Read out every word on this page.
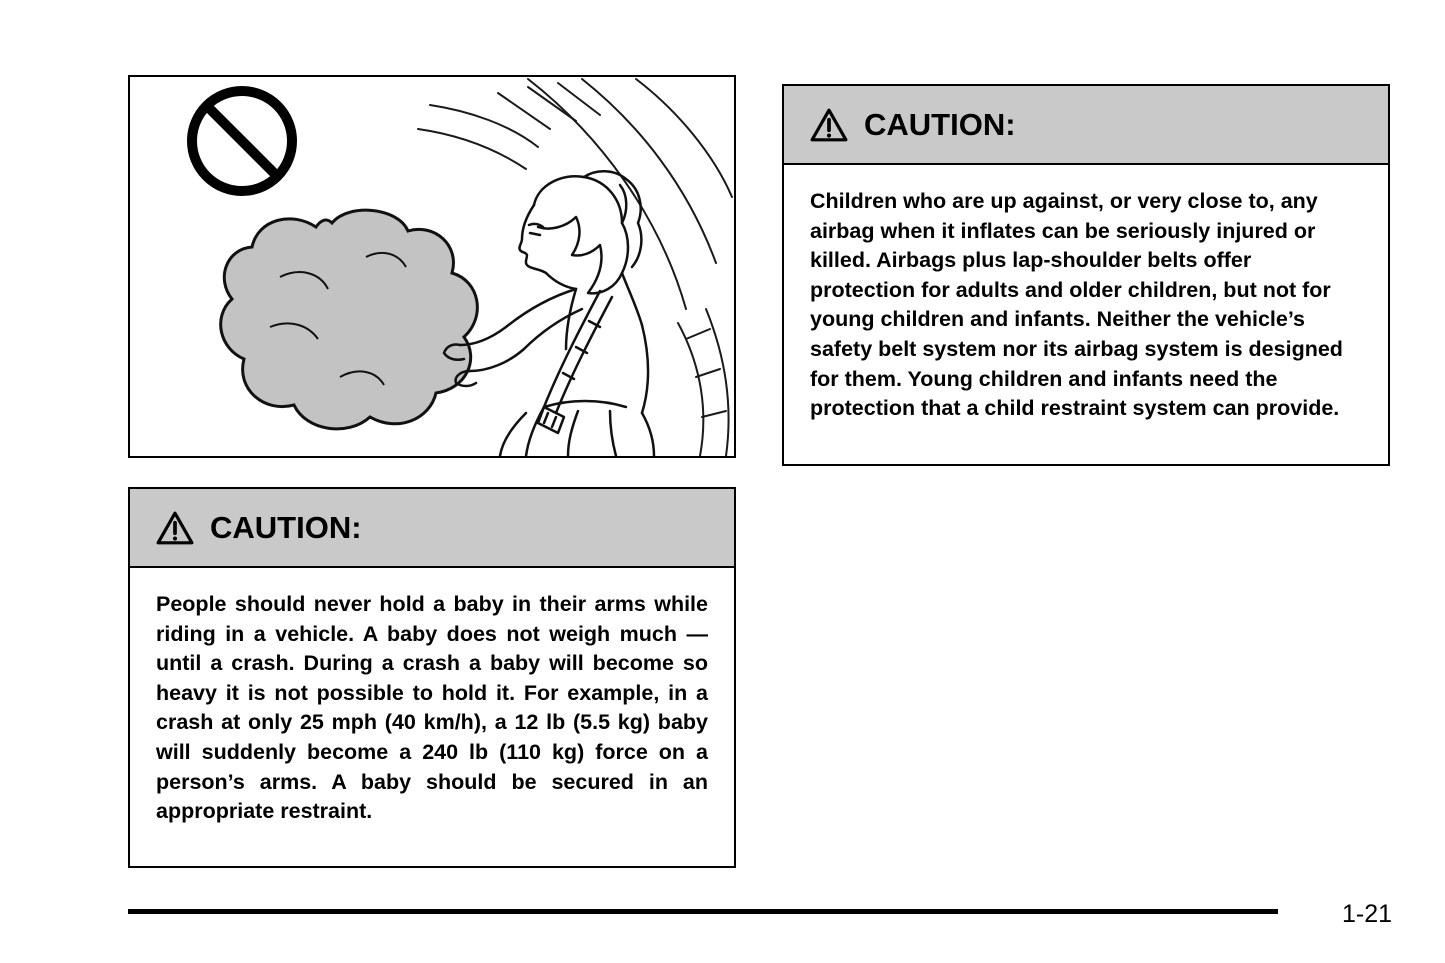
CAUTION:
Children who are up against, or very close to, any airbag when it inflates can be seriously injured or killed. Airbags plus lap-shoulder belts offer protection for adults and older children, but not for young children and infants. Neither the vehicle’s safety belt system nor its airbag system is designed for them. Young children and infants need the protection that a child restraint system can provide.
CAUTION:
People should never hold a baby in their arms while riding in a vehicle. A baby does not weigh much — until a crash. During a crash a baby will become so heavy it is not possible to hold it. For example, in a crash at only 25 mph (40 km/h), a 12 lb (5.5 kg) baby will suddenly become a 240 lb (110 kg) force on a person’s arms. A baby should be secured in an appropriate restraint.
1-21
